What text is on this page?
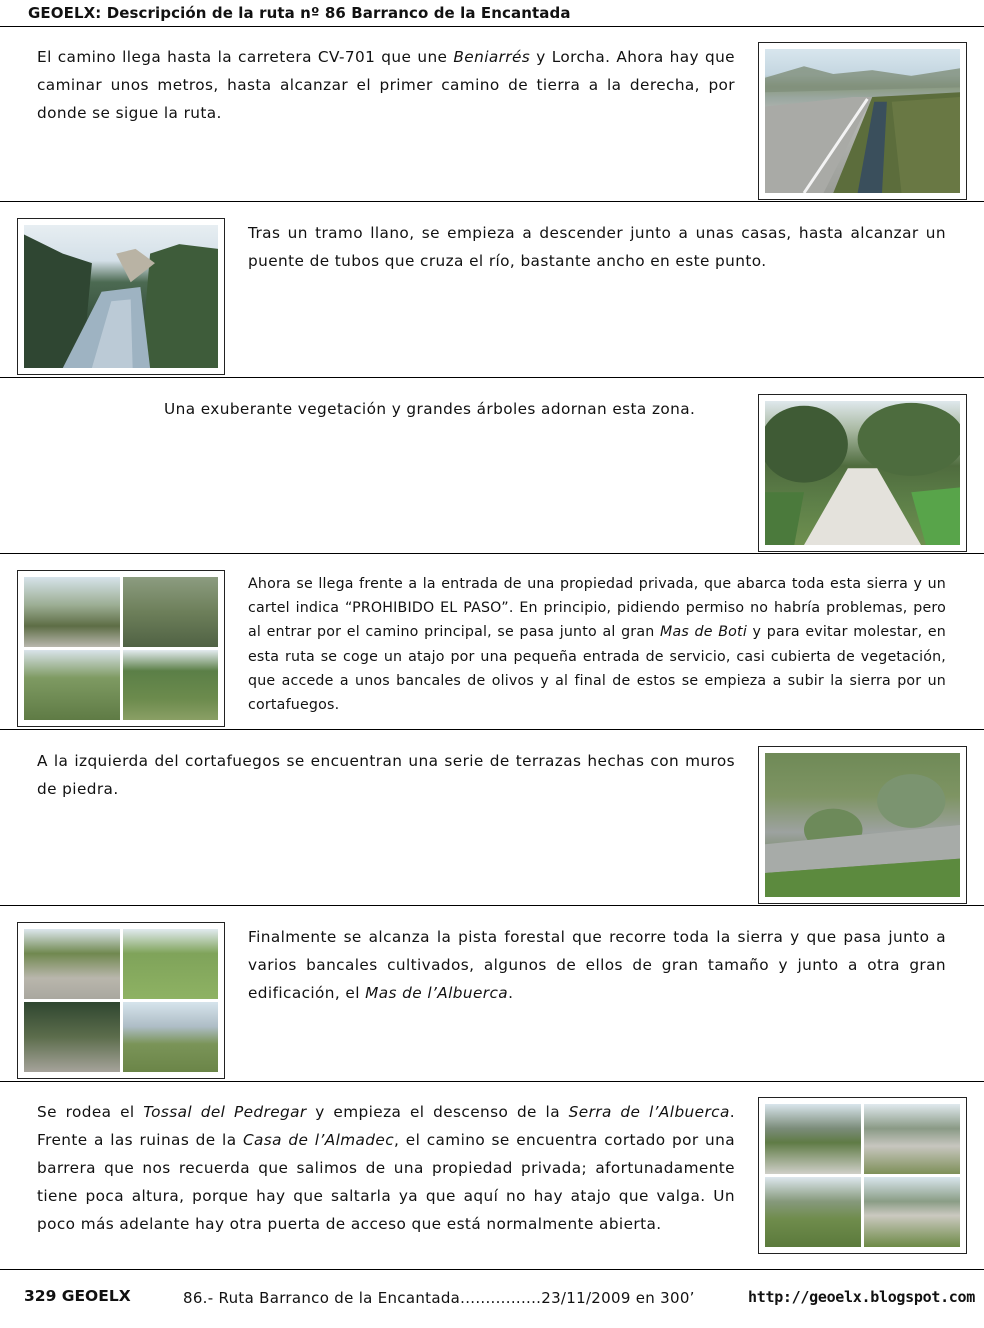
GEOELX: Descripción de la ruta nº 86 Barranco de la Encantada
El camino llega hasta la carretera CV-701 que une Beniarrés y Lorcha. Ahora hay que caminar unos metros, hasta alcanzar el primer camino de tierra a la derecha, por donde se sigue la ruta.
Tras un tramo llano, se empieza a descender junto a unas casas, hasta alcanzar un puente de tubos que cruza el río, bastante ancho en este punto.
Una exuberante vegetación y grandes árboles adornan esta zona.
Ahora se llega frente a la entrada de una propiedad privada, que abarca toda esta sierra y un cartel indica “PROHIBIDO EL PASO”. En principio, pidiendo permiso no habría problemas, pero al entrar por el camino principal, se pasa junto al gran Mas de Boti y para evitar molestar, en esta ruta se coge un atajo por una pequeña entrada de servicio, casi cubierta de vegetación, que accede a unos bancales de olivos y al final de estos se empieza a subir la sierra por un cortafuegos.
A la izquierda del cortafuegos se encuentran una serie de terrazas hechas con muros de piedra.
Finalmente se alcanza la pista forestal que recorre toda la sierra y que pasa junto a varios bancales cultivados, algunos de ellos de gran tamaño y junto a otra gran edificación, el Mas de l’Albuerca.
Se rodea el Tossal del Pedregar y empieza el descenso de la Serra de l’Albuerca. Frente a las ruinas de la Casa de l’Almadec, el camino se encuentra cortado por una barrera que nos recuerda que salimos de una propiedad privada; afortunadamente tiene poca altura, porque hay que saltarla ya que aquí no hay atajo que valga. Un poco más adelante hay otra puerta de acceso que está normalmente abierta.
329 GEOELX	86.- Ruta Barranco de la Encantada................23/11/2009 en 300’	http://geoelx.blogspot.com
